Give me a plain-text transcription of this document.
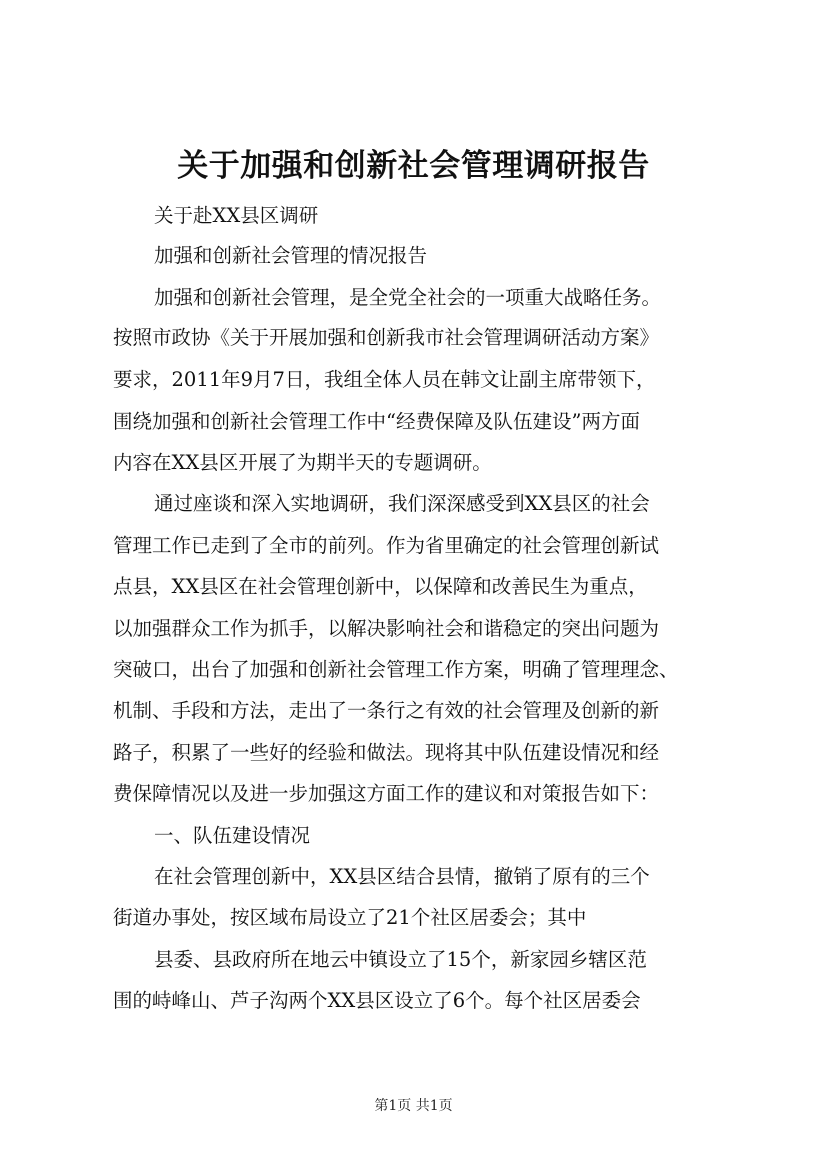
关于加强和创新社会管理调研报告
关于赴XX县区调研
加强和创新社会管理的情况报告
加强和创新社会管理，是全党全社会的一项重大战略任务。
按照市政协《关于开展加强和创新我市社会管理调研活动方案》
要求，2011年9月7日，我组全体人员在韩文让副主席带领下，
围绕加强和创新社会管理工作中“经费保障及队伍建设”两方面
内容在XX县区开展了为期半天的专题调研。
通过座谈和深入实地调研，我们深深感受到XX县区的社会
管理工作已走到了全市的前列。作为省里确定的社会管理创新试
点县，XX县区在社会管理创新中，以保障和改善民生为重点，
以加强群众工作为抓手，以解决影响社会和谐稳定的突出问题为
突破口，出台了加强和创新社会管理工作方案，明确了管理理念、
机制、手段和方法，走出了一条行之有效的社会管理及创新的新
路子，积累了一些好的经验和做法。现将其中队伍建设情况和经
费保障情况以及进一步加强这方面工作的建议和对策报告如下：
一、队伍建设情况
在社会管理创新中，XX县区结合县情，撤销了原有的三个
街道办事处，按区域布局设立了21个社区居委会；其中
县委、县政府所在地云中镇设立了15个，新家园乡辖区范
围的峙峰山、芦子沟两个XX县区设立了6个。每个社区居委会
第1页 共1页
